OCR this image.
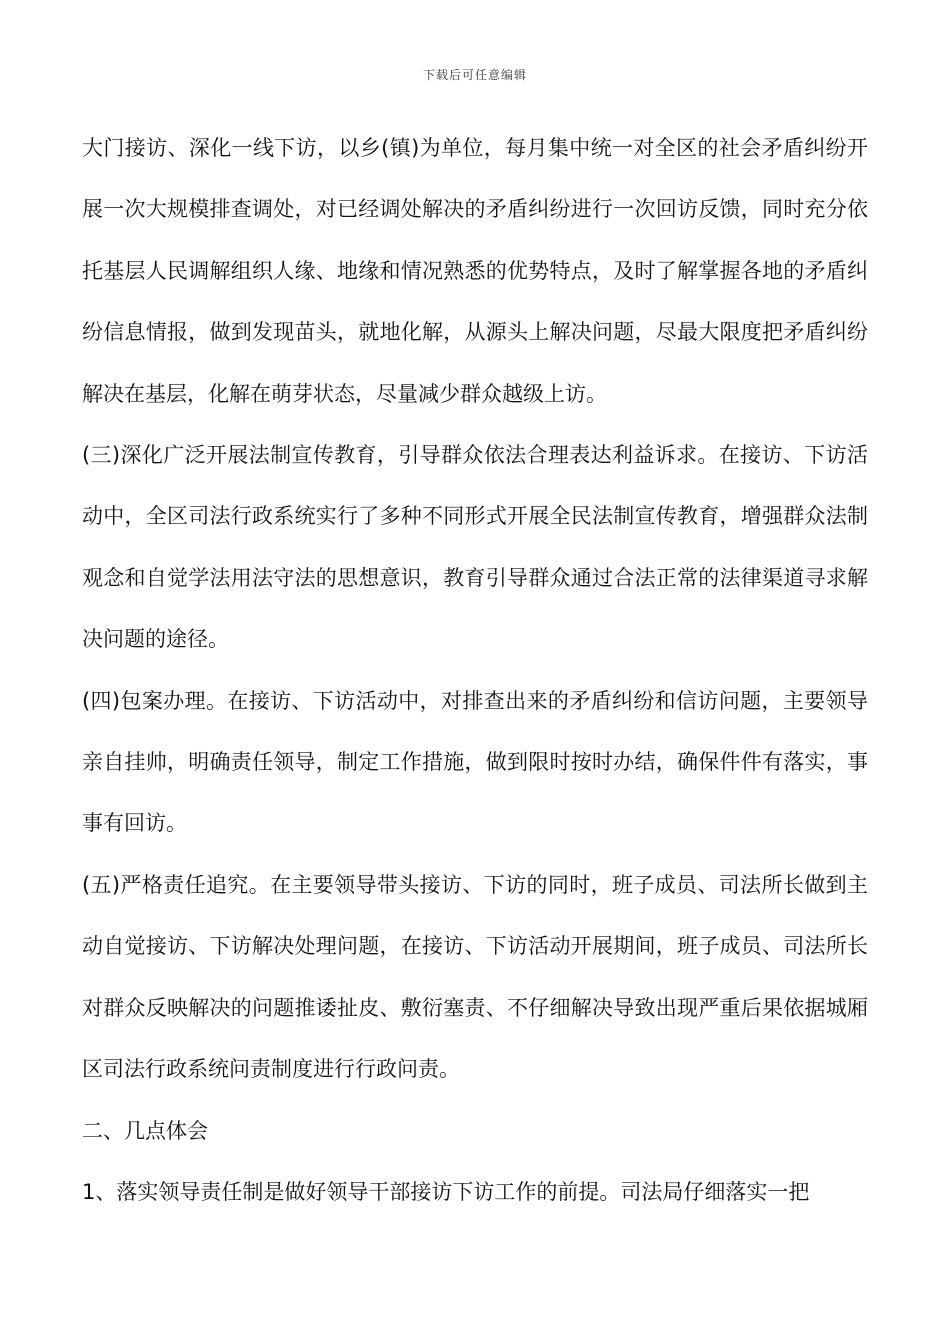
下载后可任意编辑

大门接访、深化一线下访，以乡(镇)为单位，每月集中统一对全区的社会矛盾纠纷开展一次大规模排查调处，对已经调处解决的矛盾纠纷进行一次回访反馈，同时充分依托基层人民调解组织人缘、地缘和情况熟悉的优势特点，及时了解掌握各地的矛盾纠纷信息情报，做到发现苗头，就地化解，从源头上解决问题，尽最大限度把矛盾纠纷解决在基层，化解在萌芽状态，尽量减少群众越级上访。

(三)深化广泛开展法制宣传教育，引导群众依法合理表达利益诉求。在接访、下访活动中，全区司法行政系统实行了多种不同形式开展全民法制宣传教育，增强群众法制观念和自觉学法用法守法的思想意识，教育引导群众通过合法正常的法律渠道寻求解决问题的途径。

(四)包案办理。在接访、下访活动中，对排查出来的矛盾纠纷和信访问题，主要领导亲自挂帅，明确责任领导，制定工作措施，做到限时按时办结，确保件件有落实，事事有回访。

(五)严格责任追究。在主要领导带头接访、下访的同时，班子成员、司法所长做到主动自觉接访、下访解决处理问题，在接访、下访活动开展期间，班子成员、司法所长对群众反映解决的问题推诿扯皮、敷衍塞责、不仔细解决导致出现严重后果依据城厢区司法行政系统问责制度进行行政问责。

二、几点体会

1、落实领导责任制是做好领导干部接访下访工作的前提。司法局仔细落实一把
